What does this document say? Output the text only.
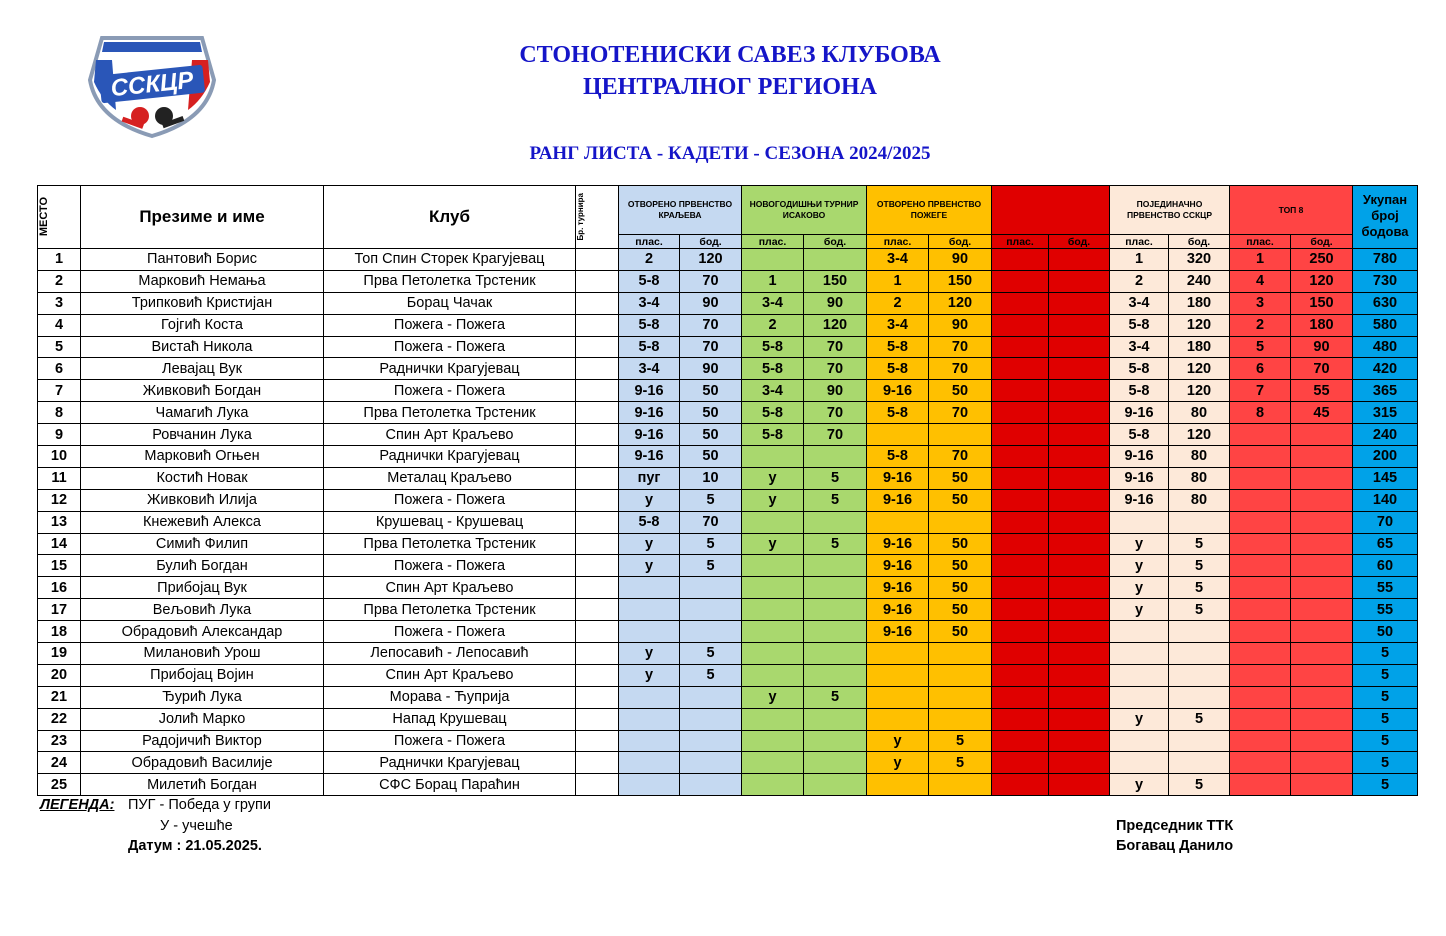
ССКЦР
СТОНОТЕНИСКИ САВЕЗ КЛУБОВА
ЦЕНТРАЛНОГ РЕГИОНА
РАНГ ЛИСТА - КАДЕТИ - СЕЗОНА 2024/2025
МЕСТО	Презиме и име	Клуб	Бр. турнира	ОТВОРЕНО ПРВЕНСТВО КРАЉЕВА		НОВОГОДИШЊИ ТУРНИР ИСАКОВО		ОТВОРЕНО ПРВЕНСТВО ПОЖЕГЕ				ПОЈЕДИНАЧНО ПРВЕНСТВО ССКЦР		ТОП 8		Укупан број бодова
				плас.	бод.	плас.	бод.	плас.	бод.	плас.	бод.	плас.	бод.	плас.	бод.	
1	Пантовић Борис	Топ Спин Сторек Крагујевац		2	120			3-4	90			1	320	1	250	780
2	Марковић Немања	Прва Петолетка Трстеник		5-8	70	1	150	1	150			2	240	4	120	730
3	Трипковић Кристијан	Борац Чачак		3-4	90	3-4	90	2	120			3-4	180	3	150	630
4	Гојгић Коста	Пожега - Пожега		5-8	70	2	120	3-4	90			5-8	120	2	180	580
5	Вистаћ Никола	Пожега - Пожега		5-8	70	5-8	70	5-8	70			3-4	180	5	90	480
6	Левајац Вук	Раднички Крагујевац		3-4	90	5-8	70	5-8	70			5-8	120	6	70	420
7	Живковић Богдан	Пожега - Пожега		9-16	50	3-4	90	9-16	50			5-8	120	7	55	365
8	Чамагић Лука	Прва Петолетка Трстеник		9-16	50	5-8	70	5-8	70			9-16	80	8	45	315
9	Ровчанин Лука	Спин Арт Краљево		9-16	50	5-8	70					5-8	120			240
10	Марковић Огњен	Раднички Крагујевац		9-16	50			5-8	70			9-16	80			200
11	Костић Новак	Металац Краљево		пуг	10	у	5	9-16	50			9-16	80			145
12	Живковић Илија	Пожега - Пожега		у	5	у	5	9-16	50			9-16	80			140
13	Кнежевић Алекса	Крушевац - Крушевац		5-8	70											70
14	Симић Филип	Прва Петолетка Трстеник		у	5	у	5	9-16	50			у	5			65
15	Булић Богдан	Пожега - Пожега		у	5			9-16	50			у	5			60
16	Прибојац Вук	Спин Арт Краљево						9-16	50			у	5			55
17	Вељовић Лука	Прва Петолетка Трстеник						9-16	50			у	5			55
18	Обрадовић Александар	Пожега - Пожега						9-16	50							50
19	Милановић Урош	Лепосавић - Лепосавић		у	5											5
20	Прибојац Војин	Спин Арт Краљево		у	5											5
21	Ђурић Лука	Морава - Ћуприја				у	5									5
22	Јолић Марко	Напад Крушевац										у	5			5
23	Радојичић Виктор	Пожега - Пожега						у	5							5
24	Обрадовић Василије	Раднички Крагујевац						у	5							5
25	Милетић Богдан	СФС Борац Параћин										у	5			5
ЛЕГЕНДА: ПУГ - Победа у групи
У - учешће
Датум : 21.05.2025.
Председник ТТК
Богавац Данило
